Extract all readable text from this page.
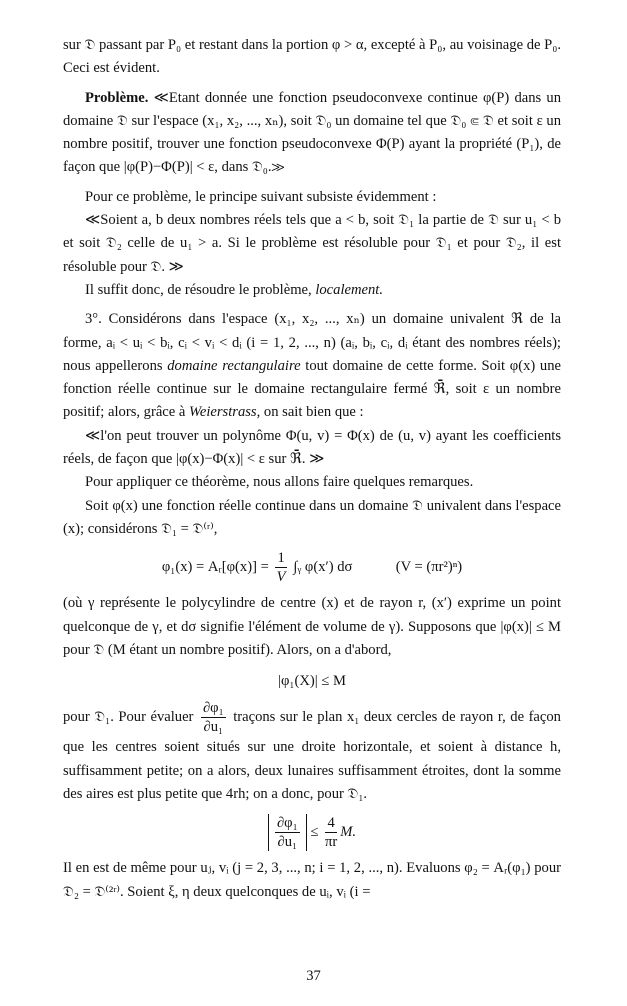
sur 𝔇 passant par P₀ et restant dans la portion φ > α, excepté à P₀, au voisinage de P₀. Ceci est évident.

Problème. ≪Etant donnée une fonction pseudoconvexe continue φ(P) dans un domaine 𝔇 sur l'espace (x₁, x₂, ..., xₙ), soit 𝔇₀ un domaine tel que 𝔇₀ ⋐ 𝔇 et soit ε un nombre positif, trouver une fonction pseudoconvexe Φ(P) ayant la propriété (P₁), de façon que |φ(P)−Φ(P)| < ε, dans 𝔇₀.≫

Pour ce problème, le principe suivant subsiste évidemment :

≪Soient a, b deux nombres réels tels que a < b, soit 𝔇₁ la partie de 𝔇 sur u₁ < b et soit 𝔇₂ celle de u₁ > a. Si le problème est résoluble pour 𝔇₁ et pour 𝔇₂, il est résoluble pour 𝔇. ≫

Il suffit donc, de résoudre le problème, localement.

3°. Considérons dans l'espace (x₁, x₂, ..., xₙ) un domaine univalent ℜ de la forme, aᵢ < uᵢ < bᵢ, cᵢ < vᵢ < dᵢ (i = 1, 2, ..., n) (aᵢ, bᵢ, cᵢ, dᵢ étant des nombres réels); nous appellerons domaine rectangulaire tout domaine de cette forme. Soit φ(x) une fonction réelle continue sur le domaine rectangulaire fermé ℜ̄, soit ε un nombre positif; alors, grâce à Weierstrass, on sait bien que :

≪l'on peut trouver un polynôme Φ(u, v) = Φ(x) de (u, v) ayant les coefficients réels, de façon que |φ(x)−Φ(x)| < ε sur ℜ̄. ≫

Pour appliquer ce théorème, nous allons faire quelques remarques.

Soit φ(x) une fonction réelle continue dans un domaine 𝔇 univalent dans l'espace (x); considérons 𝔇₁ = 𝔇⁽ʳ⁾,

φ₁(x) = Aᵣ[φ(x)] = $\frac{1}{V}$ ∫ᵧ φ(x′) dσ	(V = (πr²)ⁿ)

(où γ représente le polycylindre de centre (x) et de rayon r, (x′) exprime un point quelconque de γ, et dσ signifie l'élément de volume de γ). Supposons que |φ(x)| ≤ M pour 𝔇 (M étant un nombre positif). Alors, on a d'abord,

|φ₁(X)| ≤ M

pour 𝔇₁. Pour évaluer $\frac{\text{∂φ₁}}{\text{∂u₁}}$ traçons sur le plan x₁ deux cercles de rayon r, de façon que les centres soient situés sur une droite horizontale, et soient à distance h, suffisamment petite; on a alors, deux lunaires suffisamment étroites, dont la somme des aires est plus petite que 4rh; on a donc, pour 𝔇₁.

$\frac{\text{∂φ₁}}{\text{∂u₁}} \le \frac{4}{\pi r} M$.

Il en est de même pour uⱼ, vᵢ (j = 2, 3, ..., n; i = 1, 2, ..., n). Evaluons φ₂ = Aᵣ(φ₁) pour 𝔇₂ = 𝔇⁽²ʳ⁾. Soient ξ, η deux quelconques de uᵢ, vᵢ (i =

37
